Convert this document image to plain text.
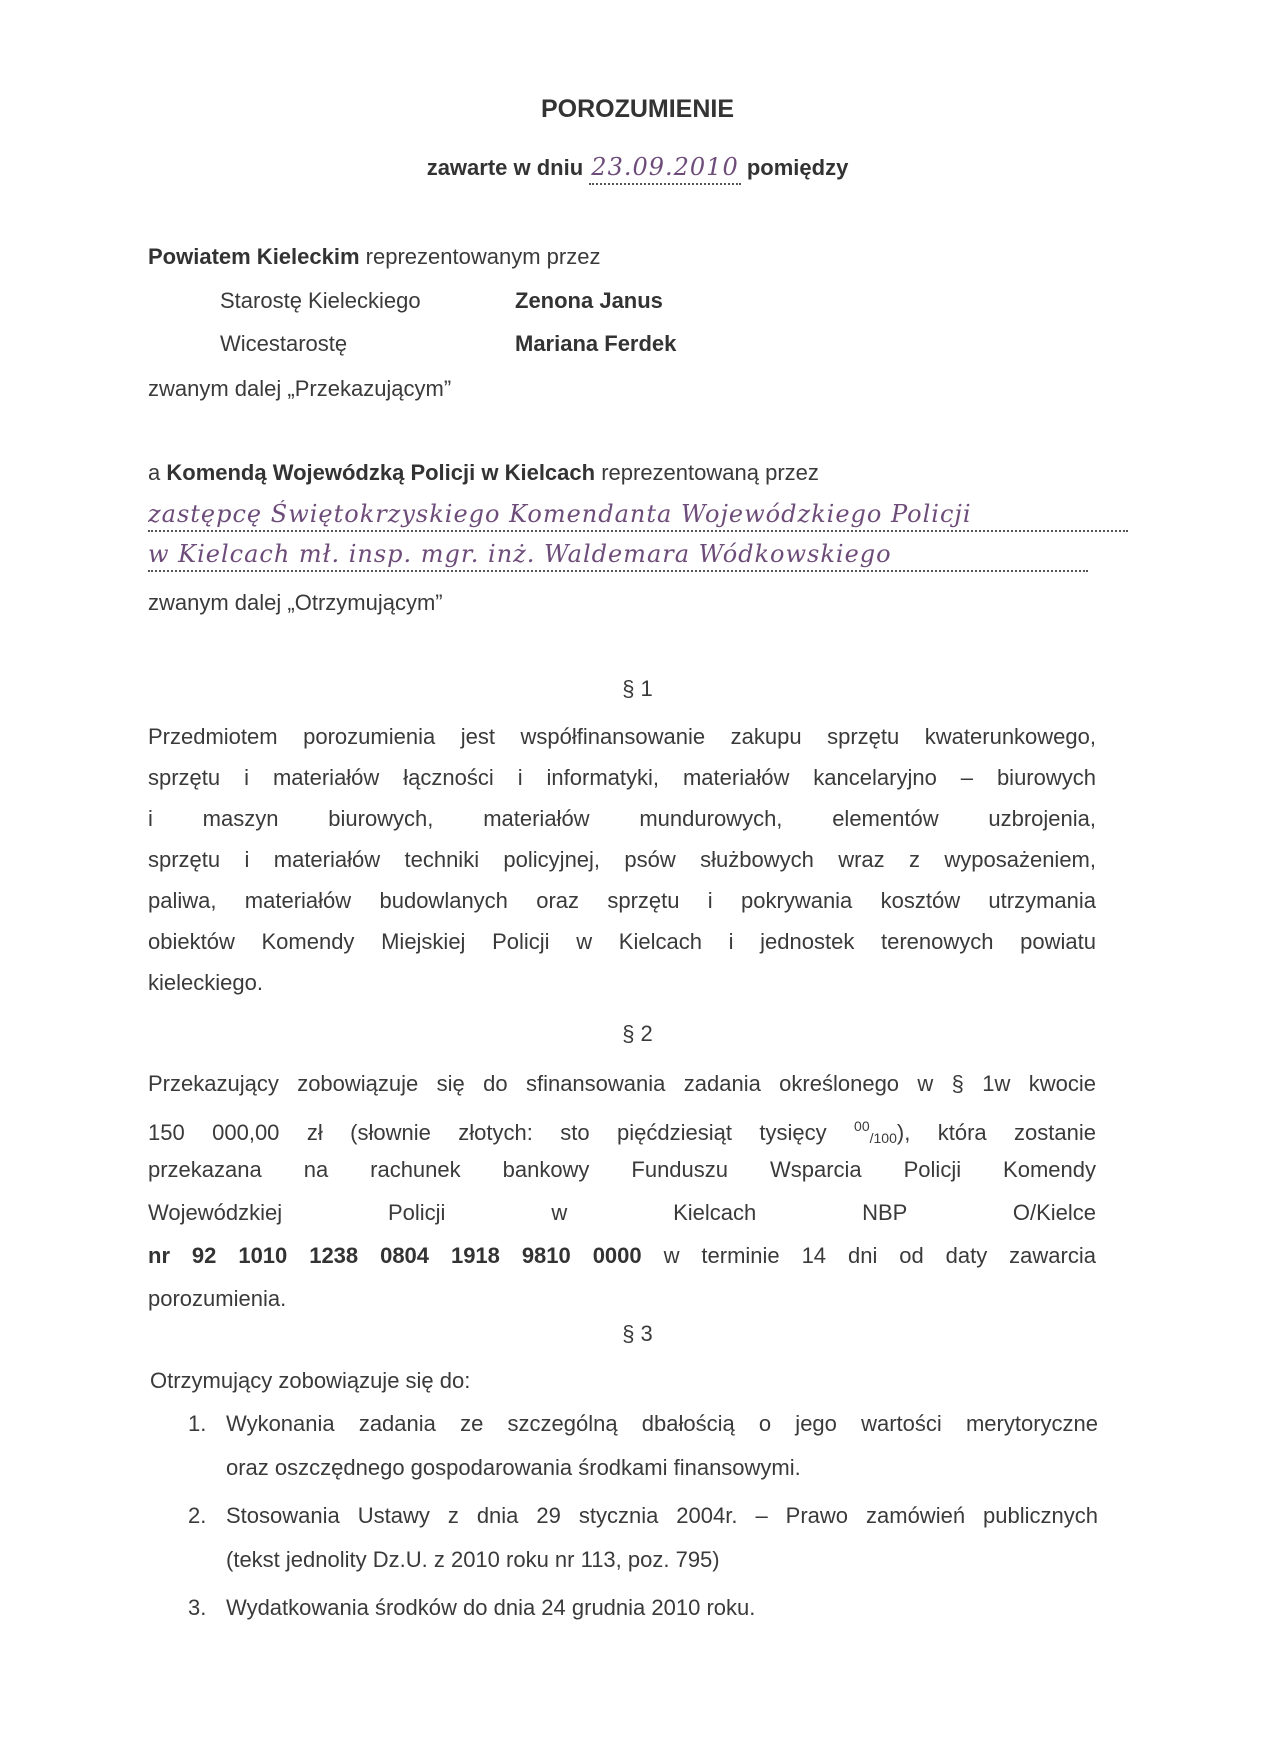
POROZUMIENIE
zawarte w dniu 23.09.2010 pomiędzy
Powiatem Kieleckim reprezentowanym przez
Starostę Kieleckiego	Zenona Janus
Wicestarostę	Mariana Ferdek
zwanym dalej „Przekazującym”
a Komendą Wojewódzką Policji w Kielcach reprezentowaną przez
zastępcę Świętokrzyskiego Komendanta Wojewódzkiego Policji
w Kielcach mł. insp. mgr. inż. Waldemara Wódkowskiego
zwanym dalej „Otrzymującym”
§ 1
Przedmiotem porozumienia jest współfinansowanie zakupu sprzętu kwaterunkowego,
sprzętu i materiałów łączności i informatyki, materiałów kancelaryjno – biurowych
i maszyn biurowych, materiałów mundurowych, elementów uzbrojenia,
sprzętu i materiałów techniki policyjnej, psów służbowych wraz z wyposażeniem,
paliwa, materiałów budowlanych oraz sprzętu i pokrywania kosztów utrzymania
obiektów Komendy Miejskiej Policji w Kielcach i jednostek terenowych powiatu
kieleckiego.
§ 2
Przekazujący zobowiązuje się do sfinansowania zadania określonego w § 1w kwocie
150 000,00 zł (słownie złotych: sto pięćdziesiąt tysięcy $^{00}_{/100}$), która zostanie
przekazana na rachunek bankowy Funduszu Wsparcia Policji Komendy
Wojewódzkiej Policji w Kielcach NBP O/Kielce
nr 92 1010 1238 0804 1918 9810 0000 w terminie 14 dni od daty zawarcia
porozumienia.
§ 3
Otrzymujący zobowiązuje się do:
1. Wykonania zadania ze szczególną dbałością o jego wartości merytoryczne
oraz oszczędnego gospodarowania środkami finansowymi.
2. Stosowania Ustawy z dnia 29 stycznia 2004r. – Prawo zamówień publicznych
(tekst jednolity Dz.U. z 2010 roku nr 113, poz. 795)
3. Wydatkowania środków do dnia 24 grudnia 2010 roku.
